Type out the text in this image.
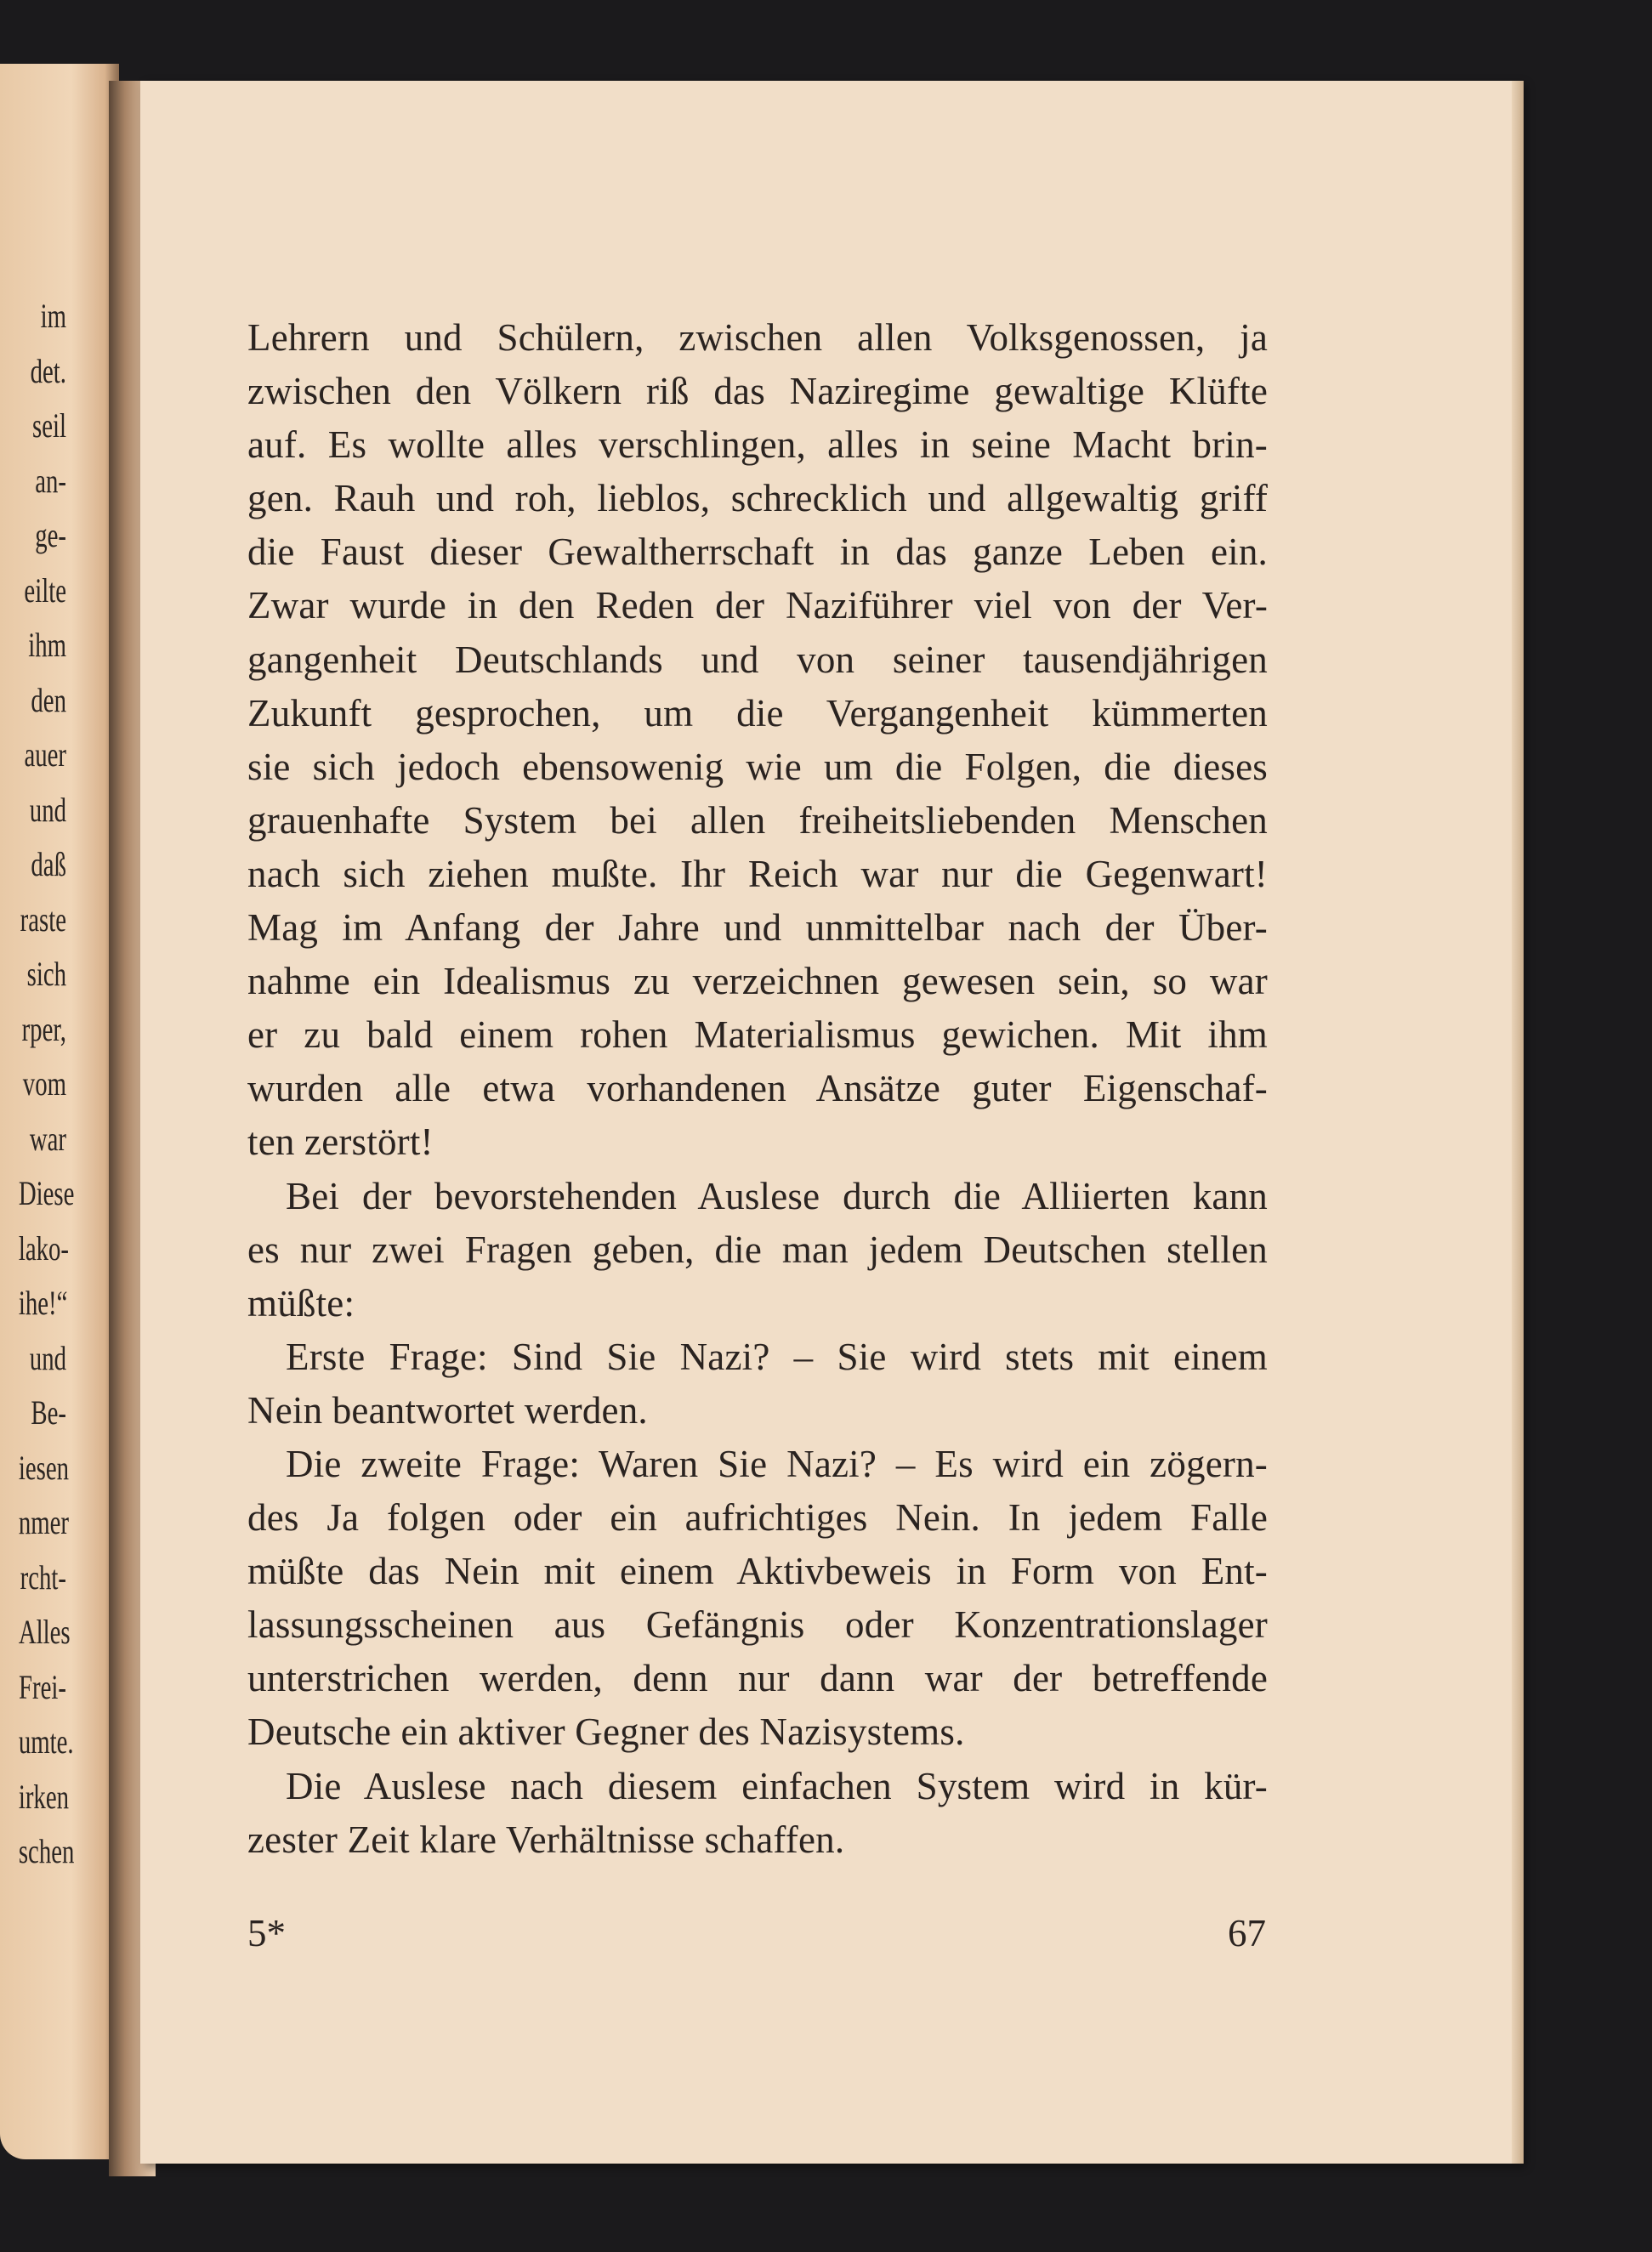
im
det.
seil
an-
ge-
eilte
ihm
den
auer
und
daß
raste
sich
rper,
vom
war
Diese
lako-
ihe!“
und
Be-
iesen
nmer
rcht-
Alles
Frei-
umte.
irken
schen
Lehrern und Schülern, zwischen allen Volksgenossen, ja
zwischen den Völkern riß das Naziregime gewaltige Klüfte
auf. Es wollte alles verschlingen, alles in seine Macht brin-
gen. Rauh und roh, lieblos, schrecklich und allgewaltig griff
die Faust dieser Gewaltherrschaft in das ganze Leben ein.
Zwar wurde in den Reden der Naziführer viel von der Ver-
gangenheit Deutschlands und von seiner tausendjährigen
Zukunft gesprochen, um die Vergangenheit kümmerten
sie sich jedoch ebensowenig wie um die Folgen, die dieses
grauenhafte System bei allen freiheitsliebenden Menschen
nach sich ziehen mußte. Ihr Reich war nur die Gegenwart!
Mag im Anfang der Jahre und unmittelbar nach der Über-
nahme ein Idealismus zu verzeichnen gewesen sein, so war
er zu bald einem rohen Materialismus gewichen. Mit ihm
wurden alle etwa vorhandenen Ansätze guter Eigenschaf-
ten zerstört!
Bei der bevorstehenden Auslese durch die Alliierten kann
es nur zwei Fragen geben, die man jedem Deutschen stellen
müßte:
Erste Frage: Sind Sie Nazi? – Sie wird stets mit einem
Nein beantwortet werden.
Die zweite Frage: Waren Sie Nazi? – Es wird ein zögern-
des Ja folgen oder ein aufrichtiges Nein. In jedem Falle
müßte das Nein mit einem Aktivbeweis in Form von Ent-
lassungsscheinen aus Gefängnis oder Konzentrationslager
unterstrichen werden, denn nur dann war der betreffende
Deutsche ein aktiver Gegner des Nazisystems.
Die Auslese nach diesem einfachen System wird in kür-
zester Zeit klare Verhältnisse schaffen.
5*	67
